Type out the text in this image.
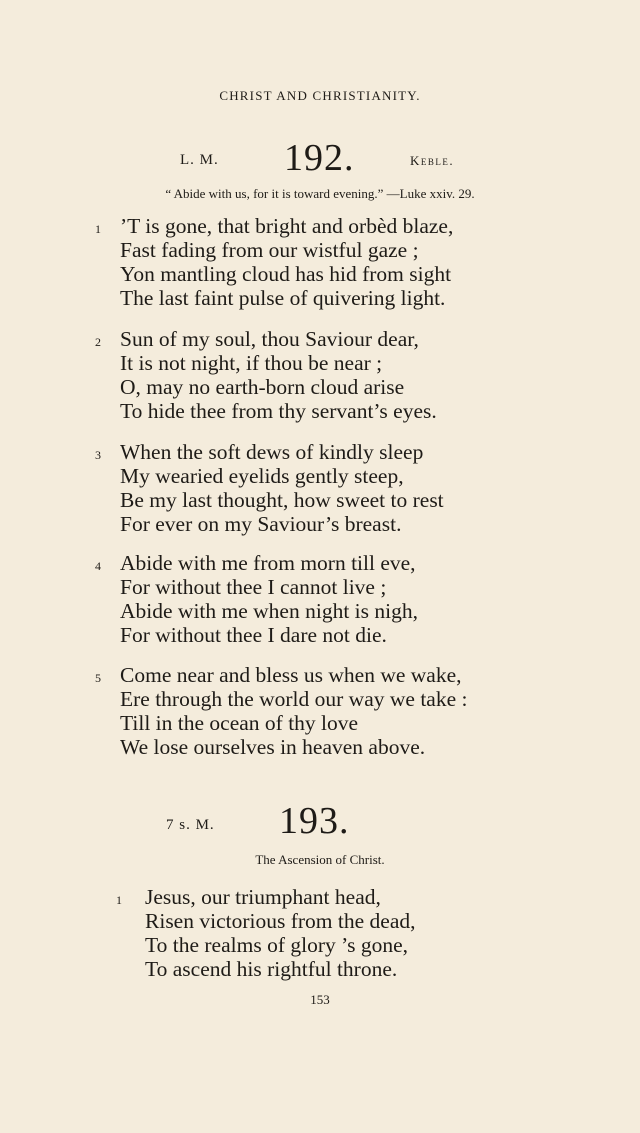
CHRIST AND CHRISTIANITY.
L. M. 192.	Keble.
“ Abide with us, for it is toward evening.” —Luke xxiv. 29.
1 ’T is gone, that bright and orbèd blaze,
Fast fading from our wistful gaze ;
Yon mantling cloud has hid from sight
The last faint pulse of quivering light.
2 Sun of my soul, thou Saviour dear,
It is not night, if thou be near ;
O, may no earth-born cloud arise
To hide thee from thy servant’s eyes.
3 When the soft dews of kindly sleep
My wearied eyelids gently steep,
Be my last thought, how sweet to rest
For ever on my Saviour’s breast.
4 Abide with me from morn till eve,
For without thee I cannot live ;
Abide with me when night is nigh,
For without thee I dare not die.
5 Come near and bless us when we wake,
Ere through the world our way we take :
Till in the ocean of thy love
We lose ourselves in heaven above.
7 s. M. 193.
The Ascension of Christ.
1 Jesus, our triumphant head,
Risen victorious from the dead,
To the realms of glory ’s gone,
To ascend his rightful throne.
153
